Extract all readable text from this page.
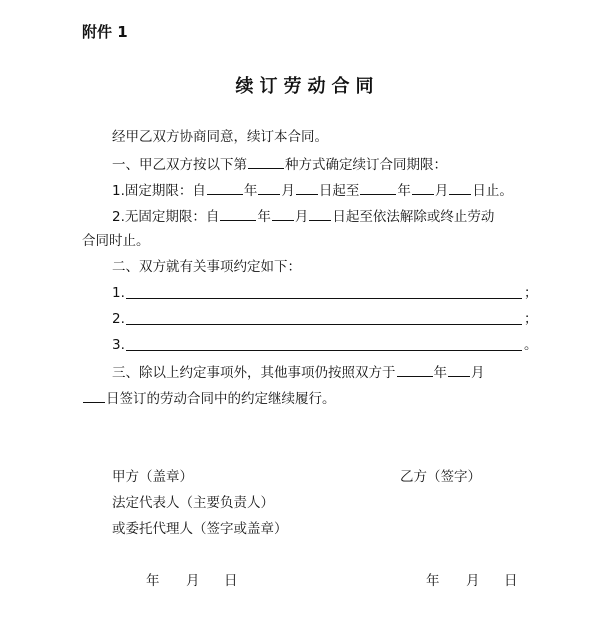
附件 1
续订劳动合同
经甲乙双方协商同意，续订本合同。
一、甲乙双方按以下第	种方式确定续订合同期限：
1.固定期限：自	年 月 日起至	年 月 日止。
2.无固定期限：自	年 月 日起至依法解除或终止劳动
合同时止。
二、双方就有关事项约定如下：
1.	；
2.	；
3.	。
三、除以上约定事项外，其他事项仍按照双方于	年 月
日签订的劳动合同中的约定继续履行。
甲方（盖章）	乙方（签字）
法定代表人（主要负责人）
或委托代理人（签字或盖章）
年 月 日	年 月 日
